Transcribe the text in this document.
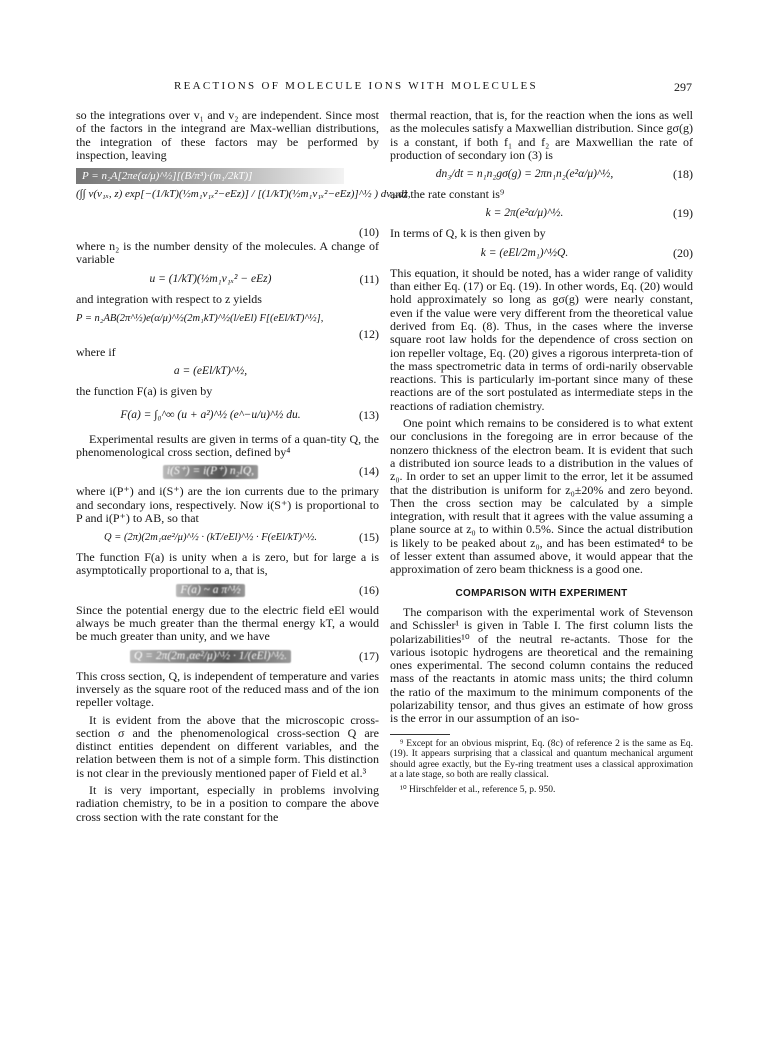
REACTIONS OF MOLECULE IONS WITH MOLECULES	297

so the integrations over v₁ and v₂ are independent. Since most of the factors in the integrand are Max-wellian distributions, the integration of these factors may be performed by inspection, leaving

P = n₂A[2πe(α/μ)^½][(B/π³)·(m₁/2kT)]
(∫∫ ν(v₁ₓ, z) exp[−(1/kT)(½m₁v₁ₓ²−eEz)] / [(1/kT)(½m₁v₁ₓ²−eEz)]^½ ) dv₁ₓdz,
(10)

where n₂ is the number density of the molecules. A change of variable

u = (1/kT)(½m₁v₁ₓ² − eEz)	(11)

and integration with respect to z yields

P = n₂AB(2π^½)e(α/μ)^½(2m₁kT)^½(l/eEl) F[(eEl/kT)^½],
(12)

where if

a = (eEl/kT)^½,

the function F(a) is given by

F(a) = ∫₀^∞ (u + a²)^½ (e^−u/u)^½ du.	(13)

Experimental results are given in terms of a quan-tity Q, the phenomenological cross section, defined by⁴

i(S⁺) = i(P⁺) n₂lQ,	(14)

where i(P⁺) and i(S⁺) are the ion currents due to the primary and secondary ions, respectively. Now i(S⁺) is proportional to P and i(P⁺) to AB, so that

Q = (2π)(2m₁αe²/μ)^½ · (kT/eEl)^½ · F(eEl/kT)^½.	(15)

The function F(a) is unity when a is zero, but for large a is asymptotically proportional to a, that is,

F(a) ~ a π^½	(16)

Since the potential energy due to the electric field eEl would always be much greater than the thermal energy kT, a would be much greater than unity, and we have

Q = 2π(2m₁αe²/μ)^½ · 1/(eEl)^½.	(17)

This cross section, Q, is independent of temperature and varies inversely as the square root of the reduced mass and of the ion repeller voltage.

It is evident from the above that the microscopic cross-section σ and the phenomenological cross-section Q are distinct entities dependent on different variables, and the relation between them is not of a simple form. This distinction is not clear in the previously mentioned paper of Field et al.³

It is very important, especially in problems involving radiation chemistry, to be in a position to compare the above cross section with the rate constant for the

thermal reaction, that is, for the reaction when the ions as well as the molecules satisfy a Maxwellian distribution. Since gσ(g) is a constant, if both f₁ and f₂ are Maxwellian the rate of production of secondary ion (3) is

dn₃/dt = n₁n₂gσ(g) = 2πn₁n₂(e²α/μ)^½,	(18)

and the rate constant is⁹

k = 2π(e²α/μ)^½.	(19)

In terms of Q, k is then given by

k = (eEl/2m₁)^½Q.	(20)

This equation, it should be noted, has a wider range of validity than either Eq. (17) or Eq. (19). In other words, Eq. (20) would hold approximately so long as gσ(g) were nearly constant, even if the value were very different from the theoretical value derived from Eq. (8). Thus, in the cases where the inverse square root law holds for the dependence of cross section on ion repeller voltage, Eq. (20) gives a rigorous interpreta-tion of the mass spectrometric data in terms of ordi-narily observable reactions. This is particularly im-portant since many of these reactions are of the sort postulated as intermediate steps in the reactions of radiation chemistry.

One point which remains to be considered is to what extent our conclusions in the foregoing are in error because of the nonzero thickness of the electron beam. It is evident that such a distributed ion source leads to a distribution in the values of z₀. In order to set an upper limit to the error, let it be assumed that the distribution is uniform for z₀±20% and zero beyond. Then the cross section may be calculated by a simple integration, with result that it agrees with the value assuming a plane source at z₀ to within 0.5%. Since the actual distribution is likely to be peaked about z₀, and has been estimated⁴ to be of lesser extent than assumed above, it would appear that the approximation of zero beam thickness is a good one.

COMPARISON WITH EXPERIMENT

The comparison with the experimental work of Stevenson and Schissler¹ is given in Table I. The first column lists the polarizabilities¹⁰ of the neutral re-actants. Those for the various isotopic hydrogens are theoretical and the remaining ones experimental. The second column contains the reduced mass of the reactants in atomic mass units; the third column the ratio of the maximum to the minimum components of the polarizability tensor, and thus gives an estimate of how gross is the error in our assumption of an iso-

⁹ Except for an obvious misprint, Eq. (8c) of reference 2 is the same as Eq. (19). It appears surprising that a classical and quantum mechanical argument should agree exactly, but the Ey-ring treatment uses a classical approximation at a late stage, so both are really classical.

¹⁰ Hirschfelder et al., reference 5, p. 950.
